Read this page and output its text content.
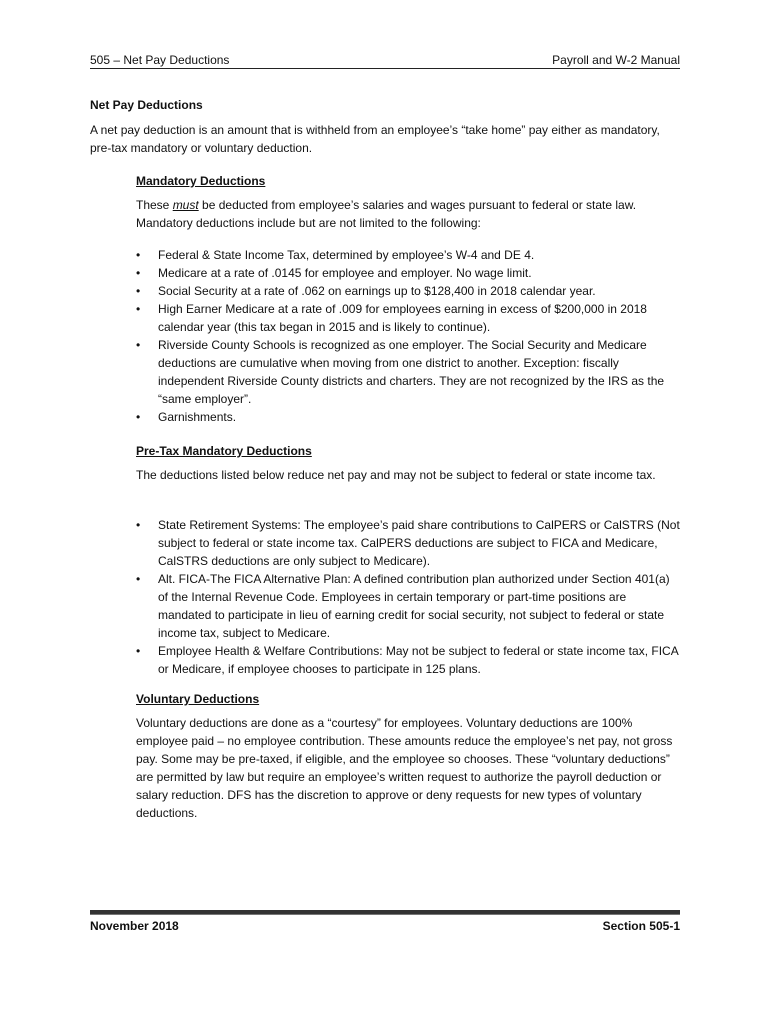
505 – Net Pay Deductions	Payroll and W-2 Manual
Net Pay Deductions
A net pay deduction is an amount that is withheld from an employee’s “take home” pay either as mandatory, pre-tax mandatory or voluntary deduction.

Mandatory Deductions

These must be deducted from employee’s salaries and wages pursuant to federal or state law. Mandatory deductions include but are not limited to the following:

•	Federal & State Income Tax, determined by employee’s W-4 and DE 4.
•	Medicare at a rate of .0145 for employee and employer. No wage limit.
•	Social Security at a rate of .062 on earnings up to $128,400 in 2018 calendar year.
•	High Earner Medicare at a rate of .009 for employees earning in excess of $200,000 in 2018 calendar year (this tax began in 2015 and is likely to continue).
•	Riverside County Schools is recognized as one employer. The Social Security and Medicare deductions are cumulative when moving from one district to another. Exception: fiscally independent Riverside County districts and charters. They are not recognized by the IRS as the “same employer”.
•	Garnishments.

Pre-Tax Mandatory Deductions

The deductions listed below reduce net pay and may not be subject to federal or state income tax.

•	State Retirement Systems: The employee’s paid share contributions to CalPERS or CalSTRS (Not subject to federal or state income tax. CalPERS deductions are subject to FICA and Medicare, CalSTRS deductions are only subject to Medicare).
•	Alt. FICA-The FICA Alternative Plan: A defined contribution plan authorized under Section 401(a) of the Internal Revenue Code. Employees in certain temporary or part-time positions are mandated to participate in lieu of earning credit for social security, not subject to federal or state income tax, subject to Medicare.
•	Employee Health & Welfare Contributions: May not be subject to federal or state income tax, FICA or Medicare, if employee chooses to participate in 125 plans.

Voluntary Deductions

Voluntary deductions are done as a “courtesy” for employees. Voluntary deductions are 100% employee paid – no employee contribution. These amounts reduce the employee’s net pay, not gross pay. Some may be pre-taxed, if eligible, and the employee so chooses. These “voluntary deductions” are permitted by law but require an employee’s written request to authorize the payroll deduction or salary reduction. DFS has the discretion to approve or deny requests for new types of voluntary deductions.

November 2018	Section 505-1
